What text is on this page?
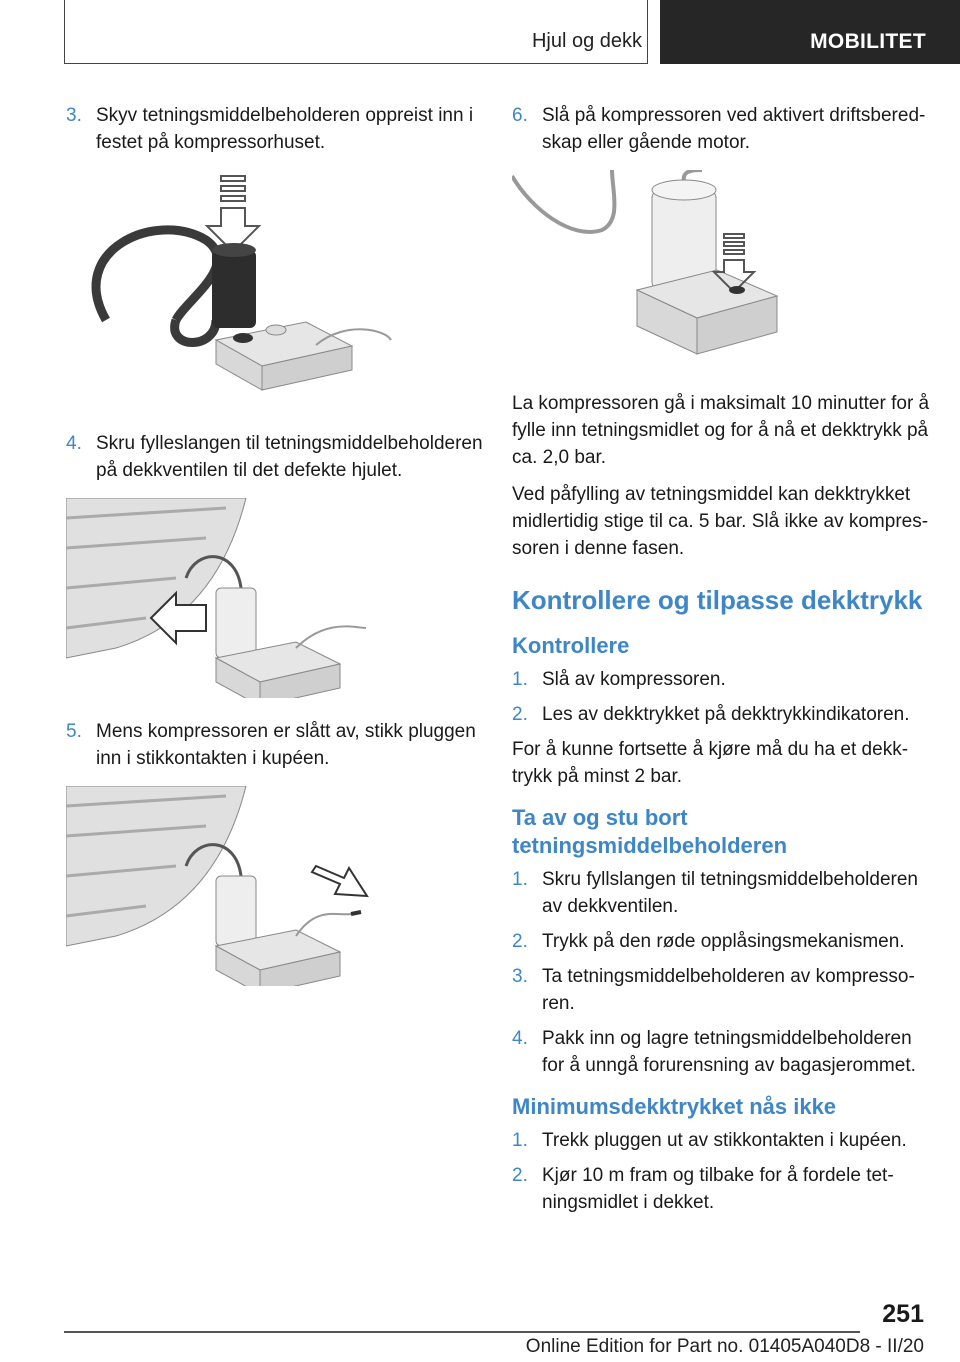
Hjul og dekk	MOBILITET
3. Skyv tetningsmiddelbeholderen oppreist inn i festet på kompressorhuset.
4. Skru fylleslangen til tetningsmiddelbeholderen på dekkventilen til det defekte hjulet.
5. Mens kompressoren er slått av, stikk pluggen inn i stikkontakten i kupéen.
6. Slå på kompressoren ved aktivert driftsberedskap eller gående motor.
La kompressoren gå i maksimalt 10 minutter for å fylle inn tetningsmidlet og for å nå et dekktrykk på ca. 2,0 bar.
Ved påfylling av tetningsmiddel kan dekktrykket midlertidig stige til ca. 5 bar. Slå ikke av kompressoren i denne fasen.
Kontrollere og tilpasse dekktrykk
Kontrollere
1. Slå av kompressoren.
2. Les av dekktrykket på dekktrykkindikatoren.
For å kunne fortsette å kjøre må du ha et dekktrykk på minst 2 bar.
Ta av og stu bort tetningsmiddelbeholderen
1. Skru fyllslangen til tetningsmiddelbeholderen av dekkventilen.
2. Trykk på den røde opplåsingsmekanismen.
3. Ta tetningsmiddelbeholderen av kompressoren.
4. Pakk inn og lagre tetningsmiddelbeholderen for å unngå forurensning av bagasjerommet.
Minimumsdekktrykket nås ikke
1. Trekk pluggen ut av stikkontakten i kupéen.
2. Kjør 10 m fram og tilbake for å fordele tetningsmidlet i dekket.
251
Online Edition for Part no. 01405A040D8 - II/20
